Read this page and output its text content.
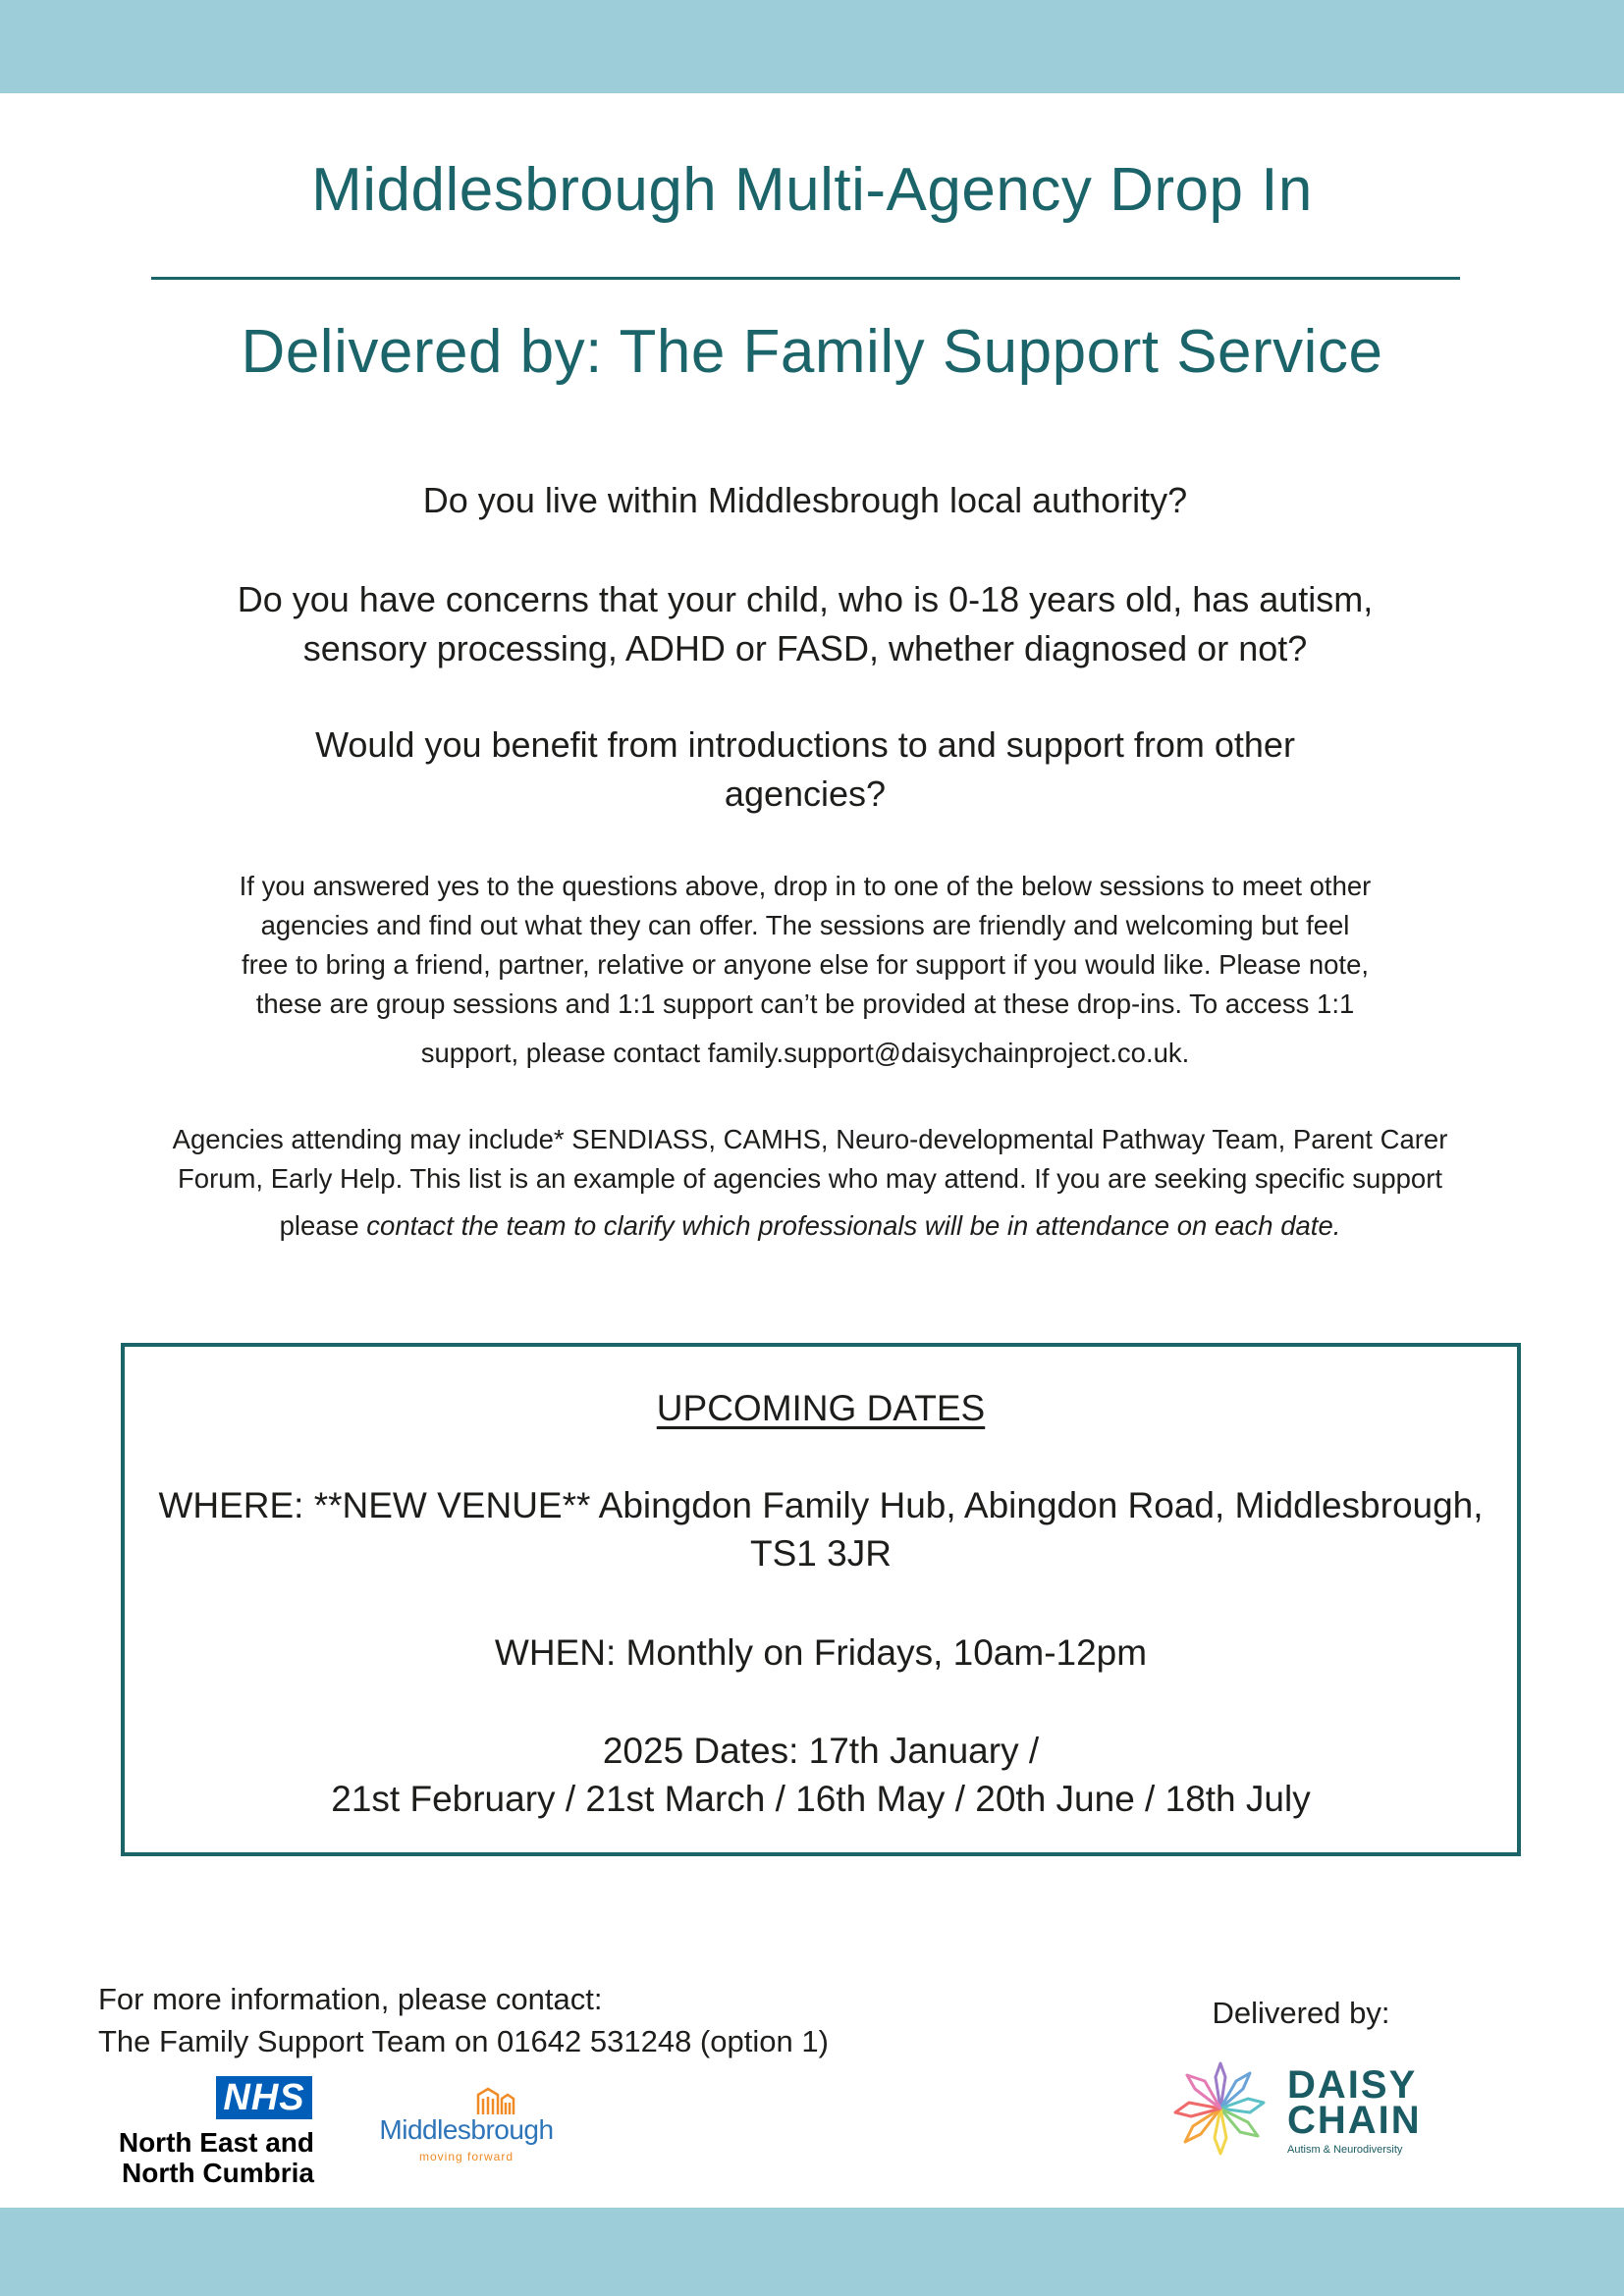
Middlesbrough Multi-Agency Drop In
Delivered by: The Family Support Service
Do you live within Middlesbrough local authority?
Do you have concerns that your child, who is 0-18 years old, has autism,
sensory processing, ADHD or FASD, whether diagnosed or not?
Would you benefit from introductions to and support from other
agencies?
If you answered yes to the questions above, drop in to one of the below sessions to meet other
agencies and find out what they can offer. The sessions are friendly and welcoming but feel
free to bring a friend, partner, relative or anyone else for support if you would like. Please note,
these are group sessions and 1:1 support can’t be provided at these drop-ins. To access 1:1
support, please contact family.support@daisychainproject.co.uk.
Agencies attending may include* SENDIASS, CAMHS, Neuro-developmental Pathway Team, Parent Carer
Forum, Early Help. This list is an example of agencies who may attend. If you are seeking specific support
please contact the team to clarify which professionals will be in attendance on each date.
UPCOMING DATES
WHERE: **NEW VENUE** Abingdon Family Hub, Abingdon Road, Middlesbrough,
TS1 3JR
WHEN: Monthly on Fridays, 10am-12pm
2025 Dates: 17th January /
21st February / 21st March / 16th May / 20th June / 18th July
For more information, please contact:
The Family Support Team on 01642 531248 (option 1)
Delivered by:
NHS
North East and
North Cumbria
Middlesbrough
moving forward
DAISY
CHAIN
Autism & Neurodiversity
